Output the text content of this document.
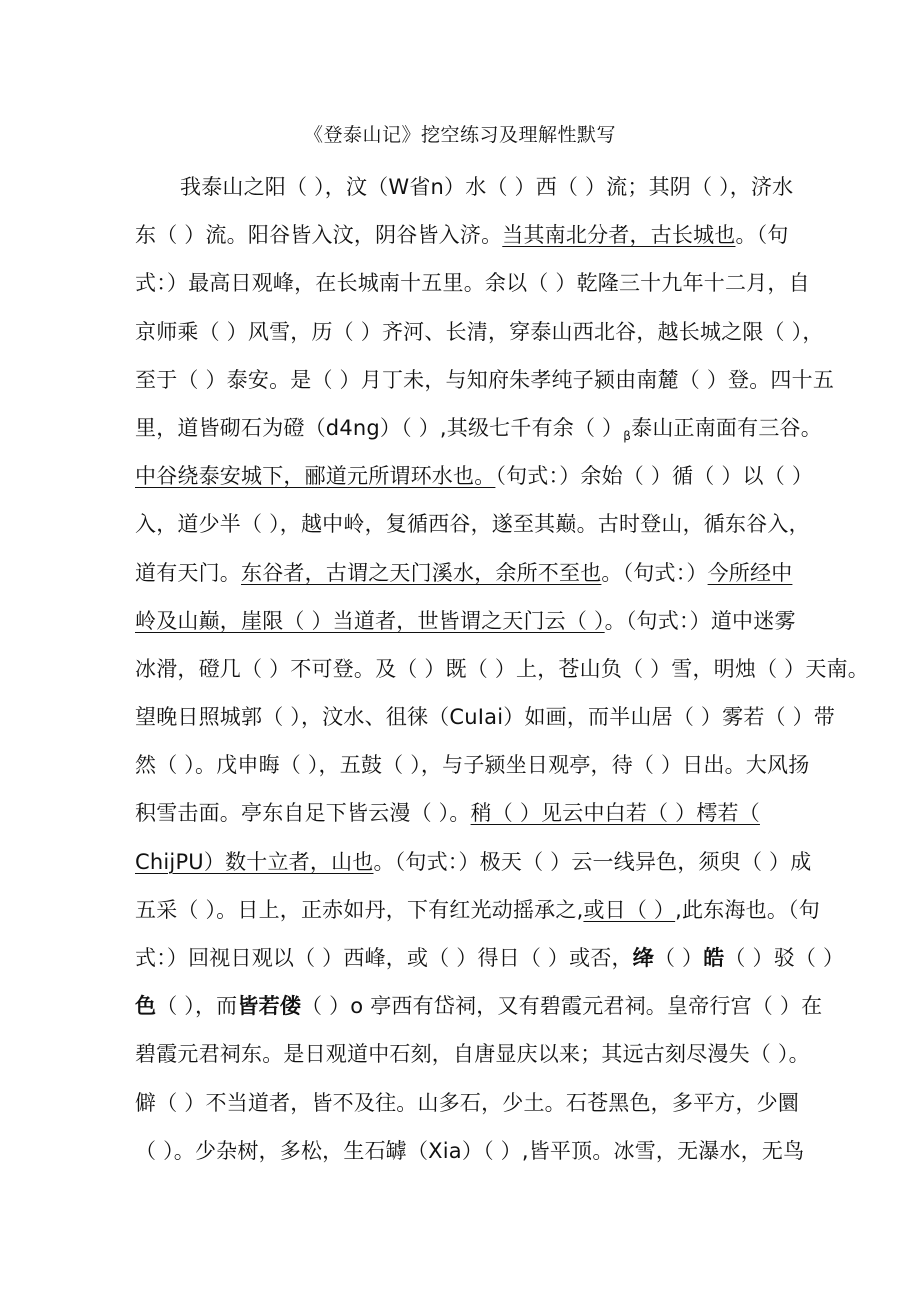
《登泰山记》挖空练习及理解性默写
我泰山之阳（ ），汶（W省n）水（ ）西（ ）流；其阴（ ），济水
东（ ）流。阳谷皆入汶，阴谷皆入济。当其南北分者，古长城也。（句
式：）最高日观峰，在长城南十五里。余以（ ）乾隆三十九年十二月，自
京师乘（ ）风雪，历（ ）齐河、长清，穿泰山西北谷，越长城之限（ ），
至于（ ）泰安。是（ ）月丁未，与知府朱孝纯子颍由南麓（ ）登。四十五
里，道皆砌石为磴（d4ng）（ ）,其级七千有余（ ）$_\beta$泰山正南面有三谷。
中谷绕泰安城下，郦道元所谓环水也。（句式：）余始（ ）循（ ）以（ ）
入，道少半（ ），越中岭，复循西谷，遂至其巅。古时登山，循东谷入，
道有天门。东谷者，古谓之天门溪水，余所不至也。（句式：）今所经中
岭及山巅，崖限（ ）当道者，世皆谓之天门云（ ）。（句式：）道中迷雾
冰滑，磴几（ ）不可登。及（ ）既（ ）上，苍山负（ ）雪，明烛（ ）天南。
望晚日照城郭（ ），汶水、徂徕（CuIai）如画，而半山居（ ）雾若（ ）带
然（ ）。戊申晦（ ），五鼓（ ），与子颍坐日观亭，待（ ）日出。大风扬
积雪击面。亭东自足下皆云漫（ ）。稍（ ）见云中白若（ ）樗若（
ChijPU）数十立者，山也。（句式：）极天（ ）云一线异色，须臾（ ）成
五采（ ）。日上，正赤如丹，下有红光动摇承之,或日（ ）,此东海也。（句
式：）回视日观以（ ）西峰，或（ ）得日（ ）或否，绛（ ）皓（ ）驳（ ）
色（ ），而皆若偻（ ）o 亭西有岱祠，又有碧霞元君祠。皇帝行宫（ ）在
碧霞元君祠东。是日观道中石刻，自唐显庆以来；其远古刻尽漫失（ ）。
僻（ ）不当道者，皆不及往。山多石，少土。石苍黑色，多平方，少圜
（ ）。少杂树，多松，生石罅（Xia）（ ）,皆平顶。冰雪，无瀑水，无鸟
